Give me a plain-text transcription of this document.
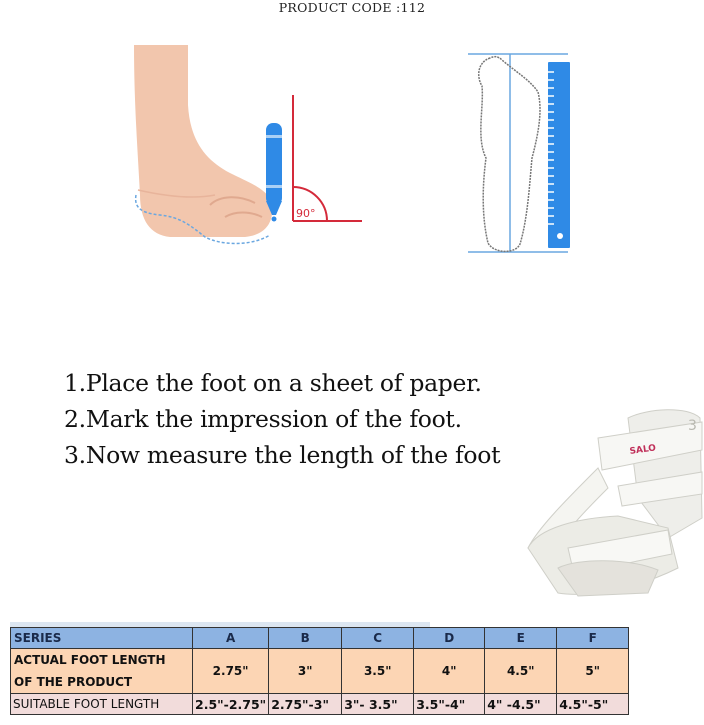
PRODUCT CODE :112
90°
1.Place the foot on a sheet of paper.
2.Mark the impression of the foot.
3.Now measure the length of the foot	SALO
3
SERIES	A	B	C	D	E	F
ACTUAL FOOT LENGTH
OF THE PRODUCT	2.75"	3"	3.5"	4"	4.5"	5"
SUITABLE FOOT LENGTH	2.5"-2.75"	2.75"-3"	3"- 3.5"	3.5"-4"	4" -4.5"	4.5"-5"
